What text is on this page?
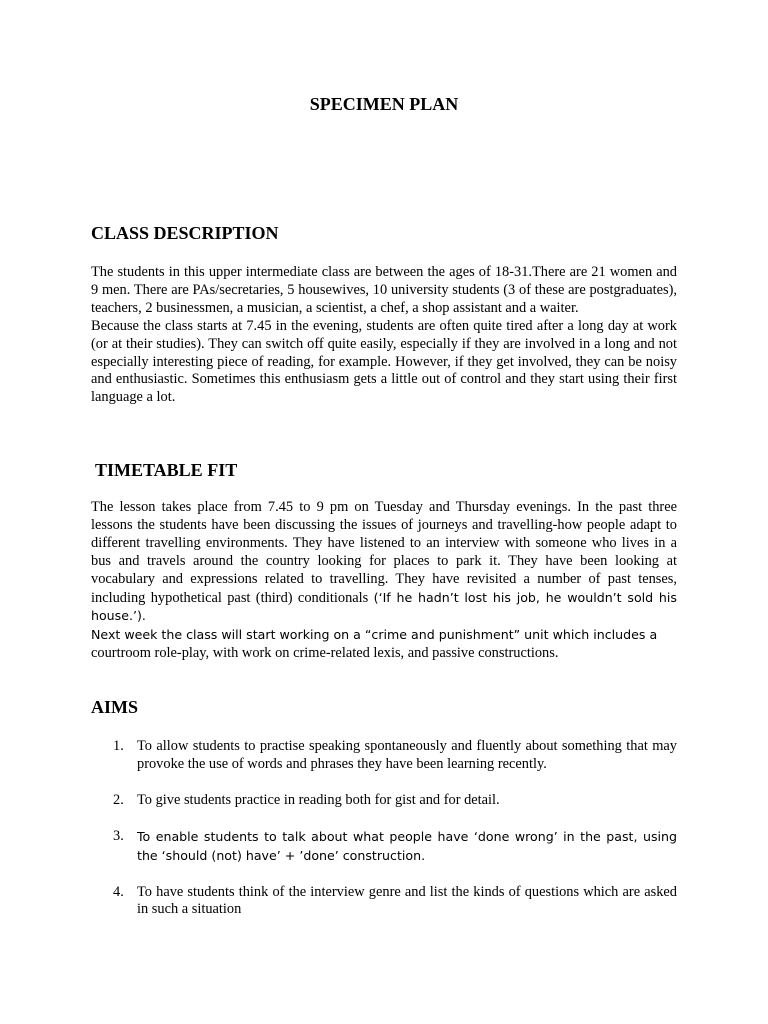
SPECIMEN PLAN
CLASS DESCRIPTION
The students in this upper intermediate class are between the ages of 18-31.There are 21 women and 9 men. There are PAs/secretaries, 5 housewives, 10 university students (3 of these are postgraduates), teachers, 2 businessmen, a musician, a scientist, a chef, a shop assistant and a waiter.
Because the class starts at 7.45 in the evening, students are often quite tired after a long day at work (or at their studies). They can switch off quite easily, especially if they are involved in a long and not especially interesting piece of reading, for example. However, if they get involved, they can be noisy and enthusiastic. Sometimes this enthusiasm gets a little out of control and they start using their first language a lot.
TIMETABLE FIT
The lesson takes place from 7.45 to 9 pm on Tuesday and Thursday evenings. In the past three lessons the students have been discussing the issues of journeys and travelling-how people adapt to different travelling environments. They have listened to an interview with someone who lives in a bus and travels around the country looking for places to park it. They have been looking at vocabulary and expressions related to travelling. They have revisited a number of past tenses, including hypothetical past (third) conditionals (‘If he hadn’t lost his job, he wouldn’t sold his house.’).
Next week the class will start working on a “crime and punishment” unit which includes a
courtroom role-play, with work on crime-related lexis, and passive constructions.
AIMS
1. To allow students to practise speaking spontaneously and fluently about something that may provoke the use of words and phrases they have been learning recently.
2. To give students practice in reading both for gist and for detail.
3. To enable students to talk about what people have ‘done wrong’ in the past, using the ‘should (not) have’ + ’done’ construction.
4. To have students think of the interview genre and list the kinds of questions which are asked in such a situation
